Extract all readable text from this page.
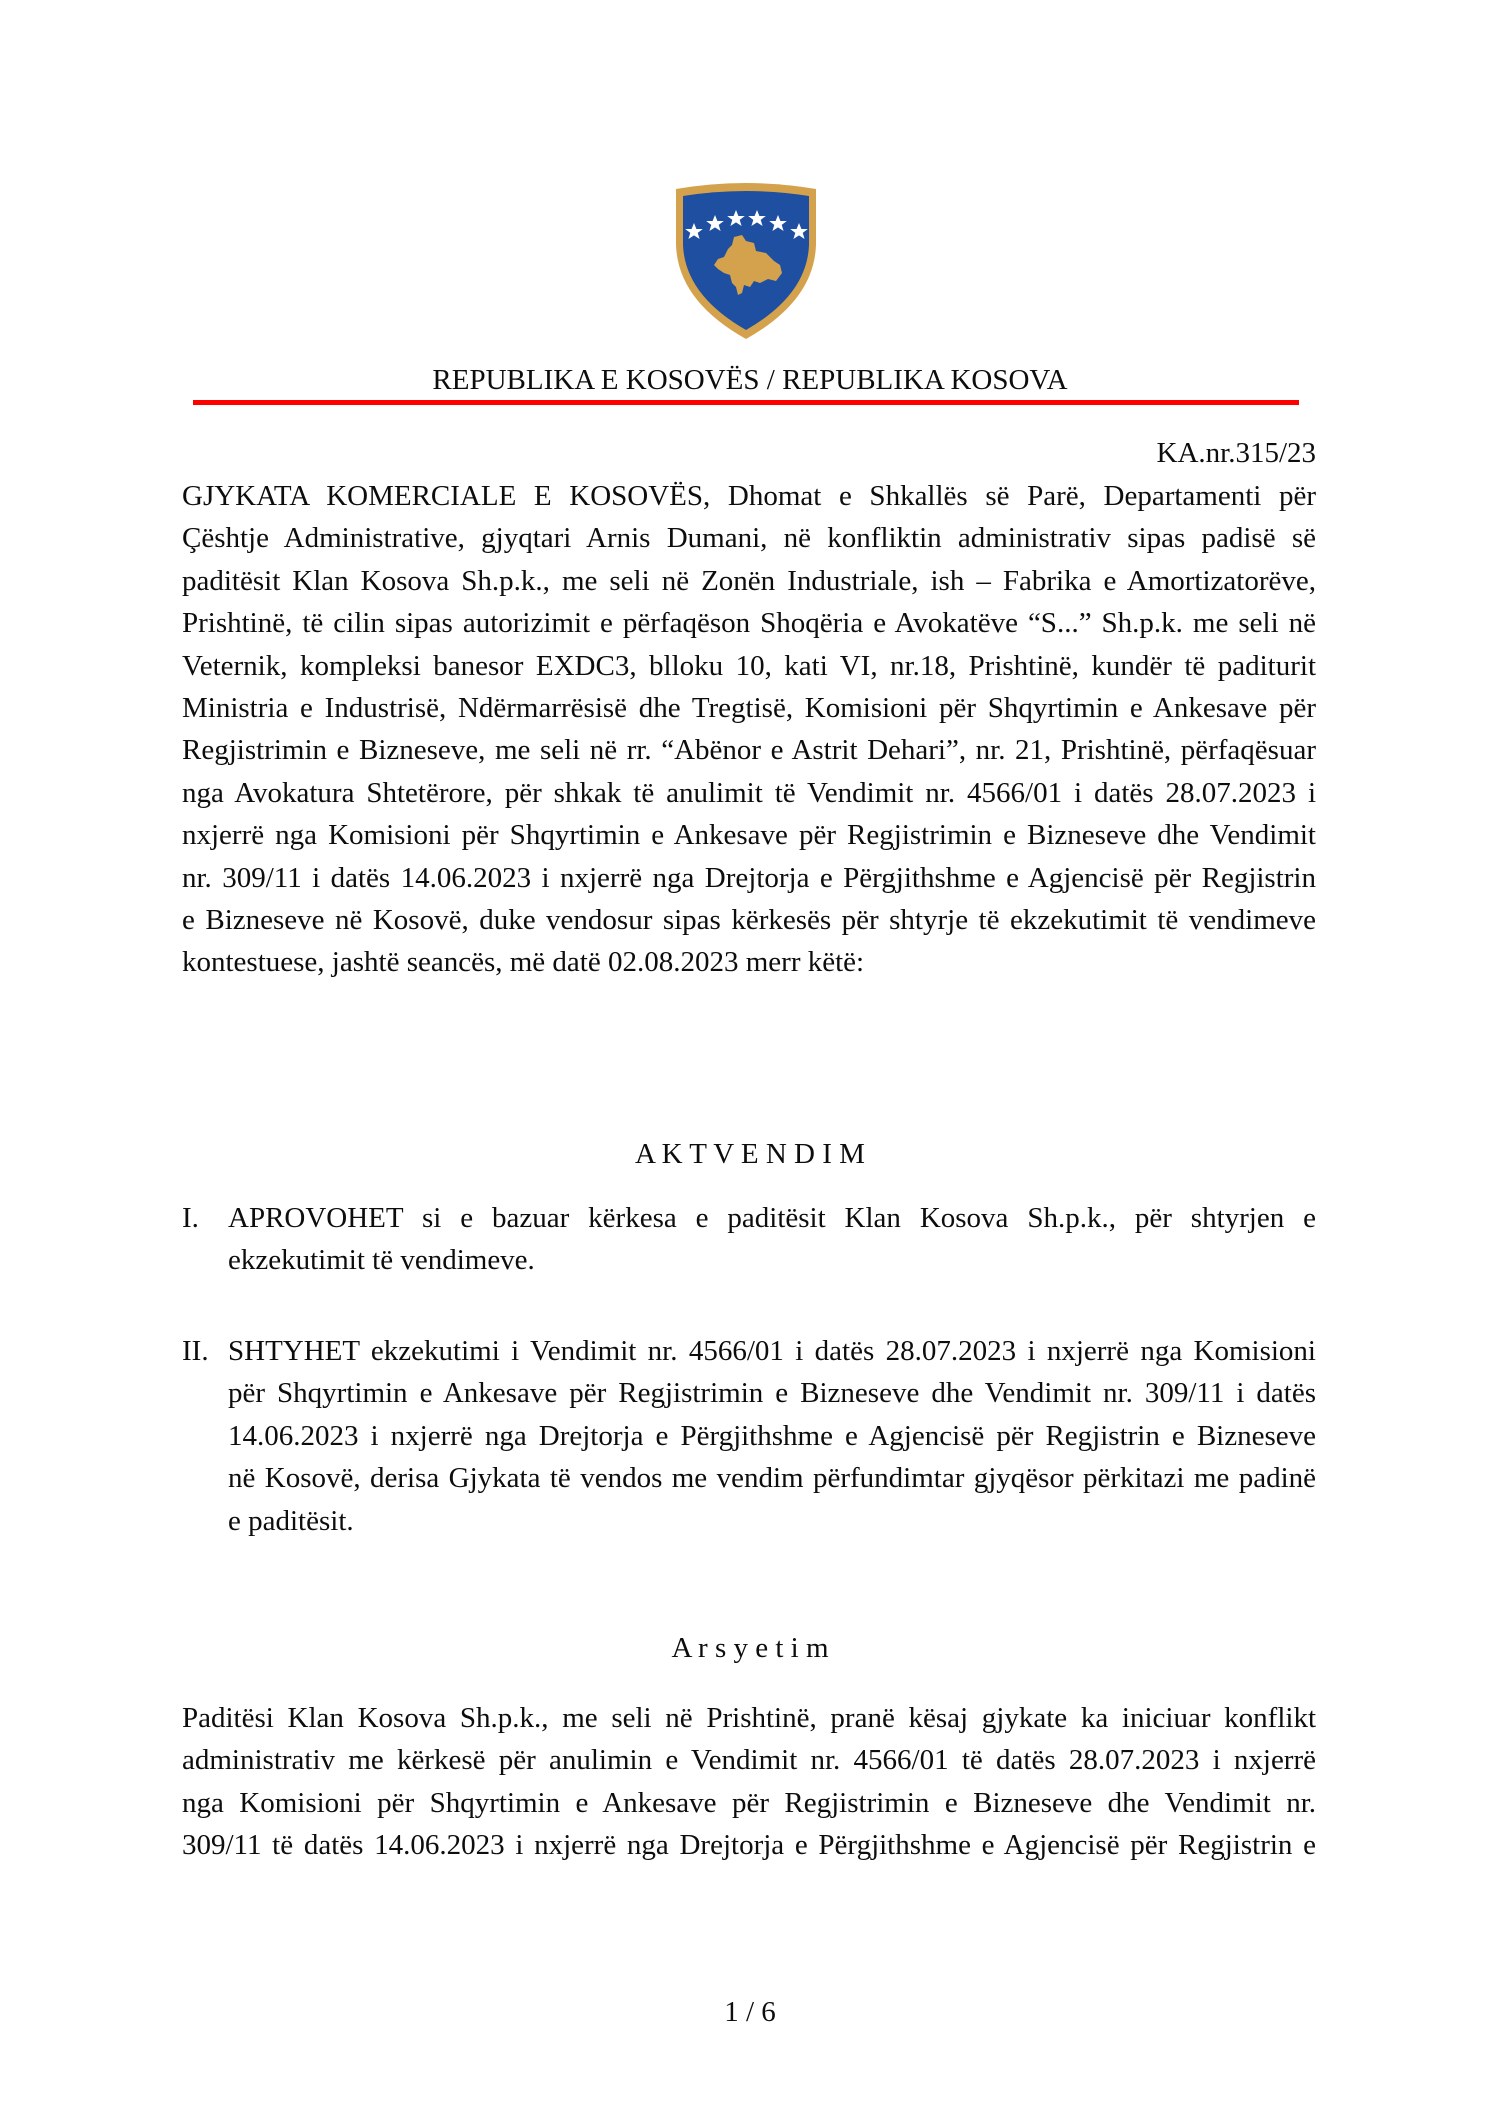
REPUBLIKA E KOSOVËS / REPUBLIKA KOSOVA
KA.nr.315/23
GJYKATA KOMERCIALE E KOSOVËS, Dhomat e Shkallës së Parë, Departamenti për
Çështje Administrative, gjyqtari Arnis Dumani, në konfliktin administrativ sipas padisë së
paditësit Klan Kosova Sh.p.k., me seli në Zonën Industriale, ish – Fabrika e Amortizatorëve,
Prishtinë, të cilin sipas autorizimit e përfaqëson Shoqëria e Avokatëve “S...” Sh.p.k. me seli në
Veternik, kompleksi banesor EXDC3, blloku 10, kati VI, nr.18, Prishtinë, kundër të paditurit
Ministria e Industrisë, Ndërmarrësisë dhe Tregtisë, Komisioni për Shqyrtimin e Ankesave për
Regjistrimin e Bizneseve, me seli në rr. “Abënor e Astrit Dehari”, nr. 21, Prishtinë, përfaqësuar
nga Avokatura Shtetërore, për shkak të anulimit të Vendimit nr. 4566/01 i datës 28.07.2023 i
nxjerrë nga Komisioni për Shqyrtimin e Ankesave për Regjistrimin e Bizneseve dhe Vendimit
nr. 309/11 i datës 14.06.2023 i nxjerrë nga Drejtorja e Përgjithshme e Agjencisë për Regjistrin
e Bizneseve në Kosovë, duke vendosur sipas kërkesës për shtyrje të ekzekutimit të vendimeve
kontestuese, jashtë seancës, më datë 02.08.2023 merr këtë:
A K T V E N D I M
I. APROVOHET si e bazuar kërkesa e paditësit Klan Kosova Sh.p.k., për shtyrjen e
ekzekutimit të vendimeve.
II. SHTYHET ekzekutimi i Vendimit nr. 4566/01 i datës 28.07.2023 i nxjerrë nga Komisioni
për Shqyrtimin e Ankesave për Regjistrimin e Bizneseve dhe Vendimit nr. 309/11 i datës
14.06.2023 i nxjerrë nga Drejtorja e Përgjithshme e Agjencisë për Regjistrin e Bizneseve
në Kosovë, derisa Gjykata të vendos me vendim përfundimtar gjyqësor përkitazi me padinë
e paditësit.
A r s y e t i m
Paditësi Klan Kosova Sh.p.k., me seli në Prishtinë, pranë kësaj gjykate ka iniciuar konflikt
administrativ me kërkesë për anulimin e Vendimit nr. 4566/01 të datës 28.07.2023 i nxjerrë
nga Komisioni për Shqyrtimin e Ankesave për Regjistrimin e Bizneseve dhe Vendimit nr.
309/11 të datës 14.06.2023 i nxjerrë nga Drejtorja e Përgjithshme e Agjencisë për Regjistrin e
1 / 6
